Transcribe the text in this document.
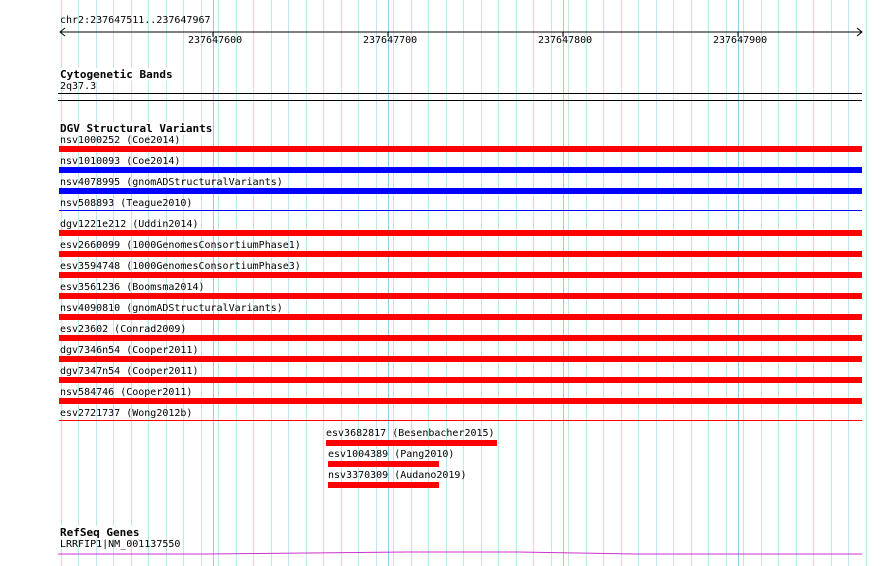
chr2:237647511..237647967
237647600	237647700	237647800	237647900
Cytogenetic Bands
2q37.3
DGV Structural Variants
nsv1000252 (Coe2014)
nsv1010093 (Coe2014)
nsv4078995 (gnomADStructuralVariants)
nsv508893 (Teague2010)
dgv1221e212 (Uddin2014)
esv2660099 (1000GenomesConsortiumPhase1)
esv3594748 (1000GenomesConsortiumPhase3)
esv3561236 (Boomsma2014)
nsv4090810 (gnomADStructuralVariants)
esv23602 (Conrad2009)
dgv7346n54 (Cooper2011)
dgv7347n54 (Cooper2011)
nsv584746 (Cooper2011)
esv2721737 (Wong2012b)
esv3682817 (Besenbacher2015)
esv1004389 (Pang2010)
nsv3370309 (Audano2019)
RefSeq Genes
LRRFIP1|NM_001137550
